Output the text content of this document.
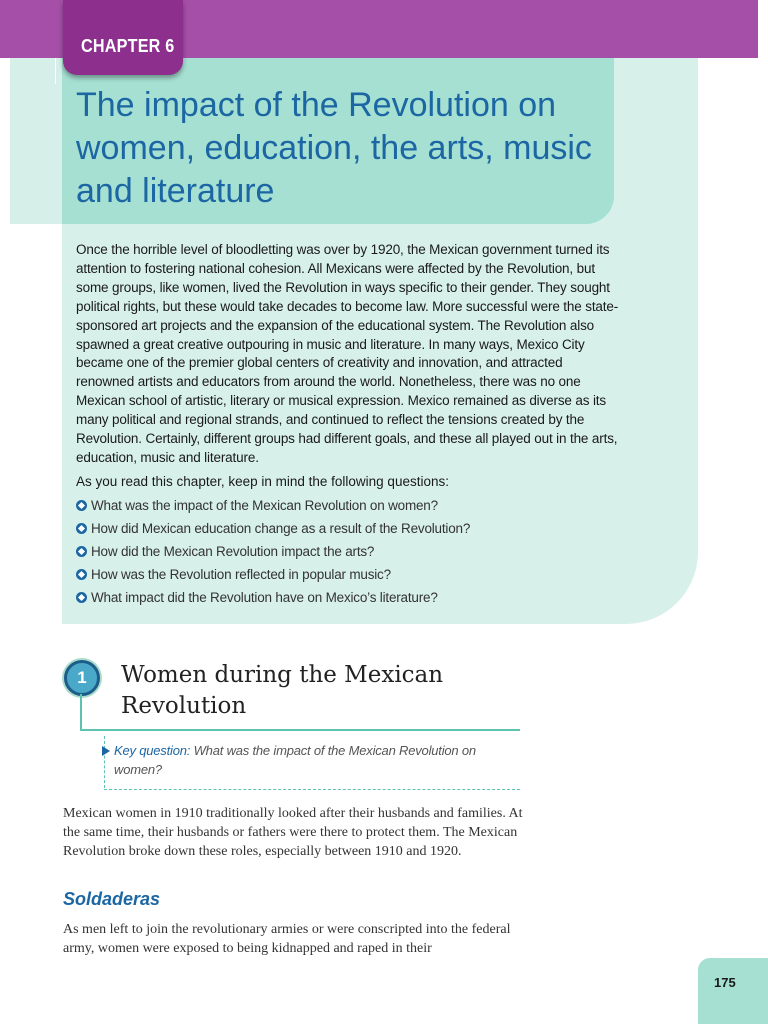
CHAPTER 6
The impact of the Revolution on women, education, the arts, music and literature

Once the horrible level of bloodletting was over by 1920, the Mexican government turned its attention to fostering national cohesion. All Mexicans were affected by the Revolution, but some groups, like women, lived the Revolution in ways specific to their gender. They sought political rights, but these would take decades to become law. More successful were the state-sponsored art projects and the expansion of the educational system. The Revolution also spawned a great creative outpouring in music and literature. In many ways, Mexico City became one of the premier global centers of creativity and innovation, and attracted renowned artists and educators from around the world. Nonetheless, there was no one Mexican school of artistic, literary or musical expression. Mexico remained as diverse as its many political and regional strands, and continued to reflect the tensions created by the Revolution. Certainly, different groups had different goals, and these all played out in the arts, education, music and literature.

As you read this chapter, keep in mind the following questions:

What was the impact of the Mexican Revolution on women?
How did Mexican education change as a result of the Revolution?
How did the Mexican Revolution impact the arts?
How was the Revolution reflected in popular music?
What impact did the Revolution have on Mexico’s literature?
1	Women during the Mexican Revolution

Key question: What was the impact of the Mexican Revolution on women?

Mexican women in 1910 traditionally looked after their husbands and families. At the same time, their husbands or fathers were there to protect them. The Mexican Revolution broke down these roles, especially between 1910 and 1920.

Soldaderas

As men left to join the revolutionary armies or were conscripted into the federal army, women were exposed to being kidnapped and raped in their

175
